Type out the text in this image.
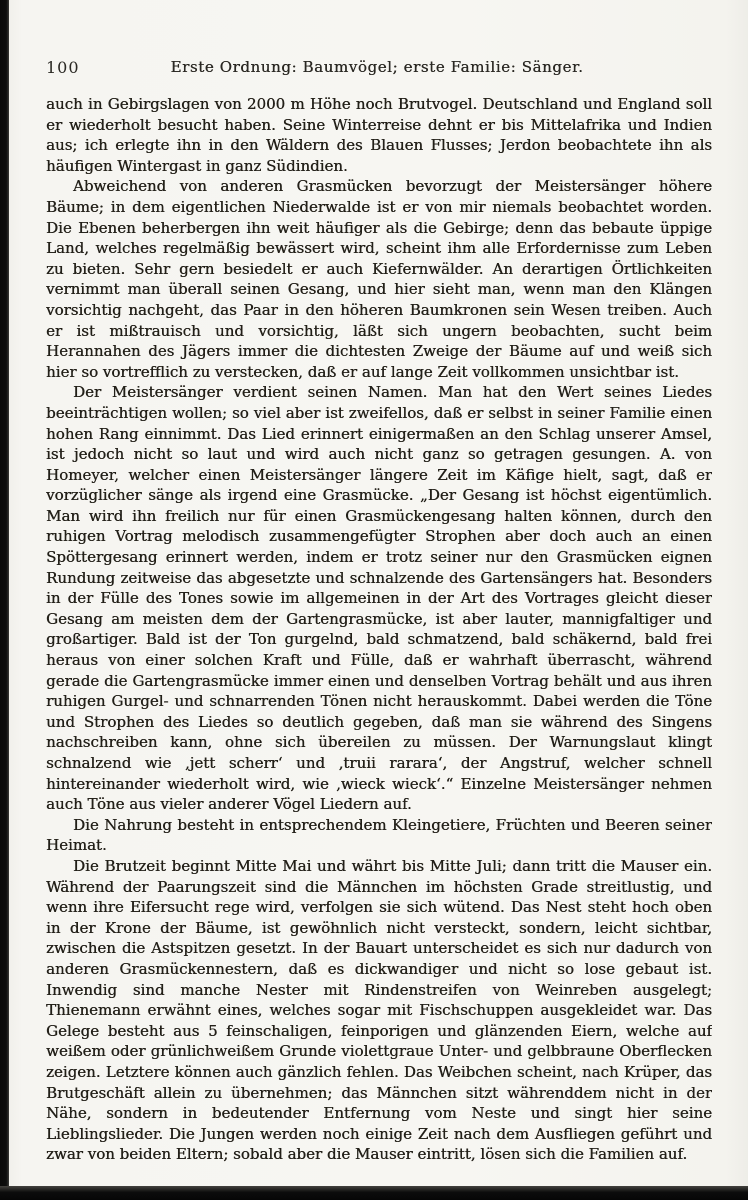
100	Erste Ordnung: Baumvögel; erste Familie: Sänger.

auch in Gebirgslagen von 2000 m Höhe noch Brutvogel. Deutschland und England soll er wiederholt besucht haben. Seine Winterreise dehnt er bis Mittelafrika und Indien aus; ich erlegte ihn in den Wäldern des Blauen Flusses; Jerdon beobachtete ihn als häufigen Wintergast in ganz Südindien.

Abweichend von anderen Grasmücken bevorzugt der Meistersänger höhere Bäume; in dem eigentlichen Niederwalde ist er von mir niemals beobachtet worden. Die Ebenen beherbergen ihn weit häufiger als die Gebirge; denn das bebaute üppige Land, welches regelmäßig bewässert wird, scheint ihm alle Erfordernisse zum Leben zu bieten. Sehr gern besiedelt er auch Kiefernwälder. An derartigen Örtlichkeiten vernimmt man überall seinen Gesang, und hier sieht man, wenn man den Klängen vorsichtig nachgeht, das Paar in den höheren Baumkronen sein Wesen treiben. Auch er ist mißtrauisch und vorsichtig, läßt sich ungern beobachten, sucht beim Herannahen des Jägers immer die dichtesten Zweige der Bäume auf und weiß sich hier so vortrefflich zu verstecken, daß er auf lange Zeit vollkommen unsichtbar ist.

Der Meistersänger verdient seinen Namen. Man hat den Wert seines Liedes beeinträchtigen wollen; so viel aber ist zweifellos, daß er selbst in seiner Familie einen hohen Rang einnimmt. Das Lied erinnert einigermaßen an den Schlag unserer Amsel, ist jedoch nicht so laut und wird auch nicht ganz so getragen gesungen. A. von Homeyer, welcher einen Meistersänger längere Zeit im Käfige hielt, sagt, daß er vorzüglicher sänge als irgend eine Grasmücke. „Der Gesang ist höchst eigentümlich. Man wird ihn freilich nur für einen Grasmückengesang halten können, durch den ruhigen Vortrag melodisch zusammengefügter Strophen aber doch auch an einen Spöttergesang erinnert werden, indem er trotz seiner nur den Grasmücken eignen Rundung zeitweise das abgesetzte und schnalzende des Gartensängers hat. Besonders in der Fülle des Tones sowie im allgemeinen in der Art des Vortrages gleicht dieser Gesang am meisten dem der Gartengrasmücke, ist aber lauter, mannigfaltiger und großartiger. Bald ist der Ton gurgelnd, bald schmatzend, bald schäkernd, bald frei heraus von einer solchen Kraft und Fülle, daß er wahrhaft überrascht, während gerade die Gartengrasmücke immer einen und denselben Vortrag behält und aus ihren ruhigen Gurgel- und schnarrenden Tönen nicht herauskommt. Dabei werden die Töne und Strophen des Liedes so deutlich gegeben, daß man sie während des Singens nachschreiben kann, ohne sich übereilen zu müssen. Der Warnungslaut klingt schnalzend wie ‚jett scherr‘ und ‚truii rarara‘, der Angstruf, welcher schnell hintereinander wiederholt wird, wie ‚wieck wieck‘.“ Einzelne Meistersänger nehmen auch Töne aus vieler anderer Vögel Liedern auf.

Die Nahrung besteht in entsprechendem Kleingetiere, Früchten und Beeren seiner Heimat.

Die Brutzeit beginnt Mitte Mai und währt bis Mitte Juli; dann tritt die Mauser ein. Während der Paarungszeit sind die Männchen im höchsten Grade streitlustig, und wenn ihre Eifersucht rege wird, verfolgen sie sich wütend. Das Nest steht hoch oben in der Krone der Bäume, ist gewöhnlich nicht versteckt, sondern, leicht sichtbar, zwischen die Astspitzen gesetzt. In der Bauart unterscheidet es sich nur dadurch von anderen Grasmückennestern, daß es dickwandiger und nicht so lose gebaut ist. Inwendig sind manche Nester mit Rindenstreifen von Weinreben ausgelegt; Thienemann erwähnt eines, welches sogar mit Fischschuppen ausgekleidet war. Das Gelege besteht aus 5 feinschaligen, feinporigen und glänzenden Eiern, welche auf weißem oder grünlichweißem Grunde violettgraue Unter- und gelbbraune Oberflecken zeigen. Letztere können auch gänzlich fehlen. Das Weibchen scheint, nach Krüper, das Brutgeschäft allein zu übernehmen; das Männchen sitzt währenddem nicht in der Nähe, sondern in bedeutender Entfernung vom Neste und singt hier seine Lieblingslieder. Die Jungen werden noch einige Zeit nach dem Ausfliegen geführt und zwar von beiden Eltern; sobald aber die Mauser eintritt, lösen sich die Familien auf.
